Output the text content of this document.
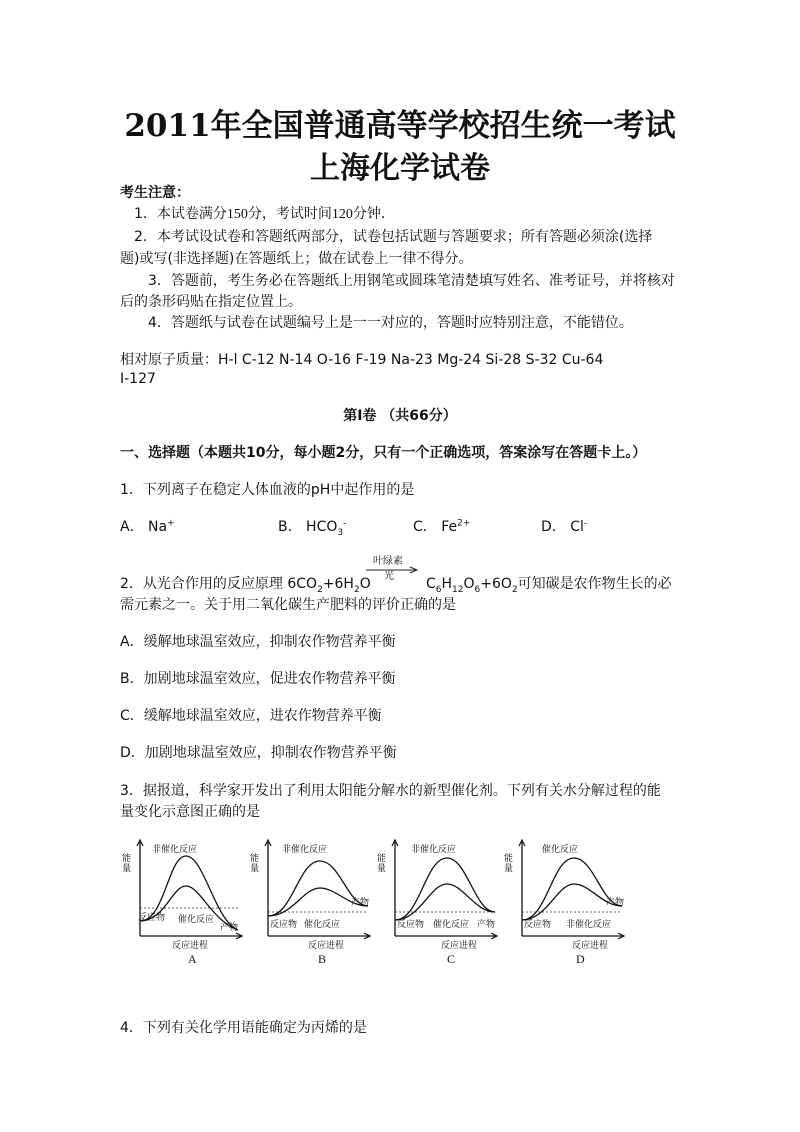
2011年全国普通高等学校招生统一考试
上海化学试卷
考生注意：
1．本试卷满分150分，考试时间120分钟．
2．本考试设试卷和答题纸两部分，试卷包括试题与答题要求；所有答题必须涂(选择
题)或写(非选择题)在答题纸上；做在试卷上一律不得分。
3．答题前，考生务必在答题纸上用钢笔或圆珠笔清楚填写姓名、准考证号，并将核对
后的条形码贴在指定位置上。
4．答题纸与试卷在试题编号上是一一对应的，答题时应特别注意，不能错位。
相对原子质量：H-l C-12 N-14 O-16 F-19 Na-23 Mg-24 Si-28 S-32 Cu-64
I-127
第I卷 （共66分）
一、选择题（本题共10分，每小题2分，只有一个正确选项，答案涂写在答题卡上。）
1．下列离子在稳定人体血液的pH中起作用的是
A． Na+	B． $HCO_3^-$	C． $Fe^{2+}$	D． Cl-
2．从光合作用的反应原理 $6CO_2+6H_2O$
叶绿素
光 $C_6H_{12}O_6+6O_2$可知碳是农作物生长的必
需元素之一。关于用二氧化碳生产肥料的评价正确的是
A．缓解地球温室效应，抑制农作物营养平衡
B．加剧地球温室效应，促进农作物营养平衡
C．缓解地球温室效应，进农作物营养平衡
D．加剧地球温室效应，抑制农作物营养平衡
3．据报道，科学家开发出了利用太阳能分解水的新型催化剂。下列有关水分解过程的能
量变化示意图正确的是
能量
非催化反应
反应物 催化反应
产物
反应进程
A
能量
非催化反应
反应物 催化反应
产物
反应进程
B
能量
非催化反应
反应物 催化反应 产物
反应进程
C
能量
催化反应
反应物 非催化反应
产物
反应进程
D
4．下列有关化学用语能确定为丙烯的是
